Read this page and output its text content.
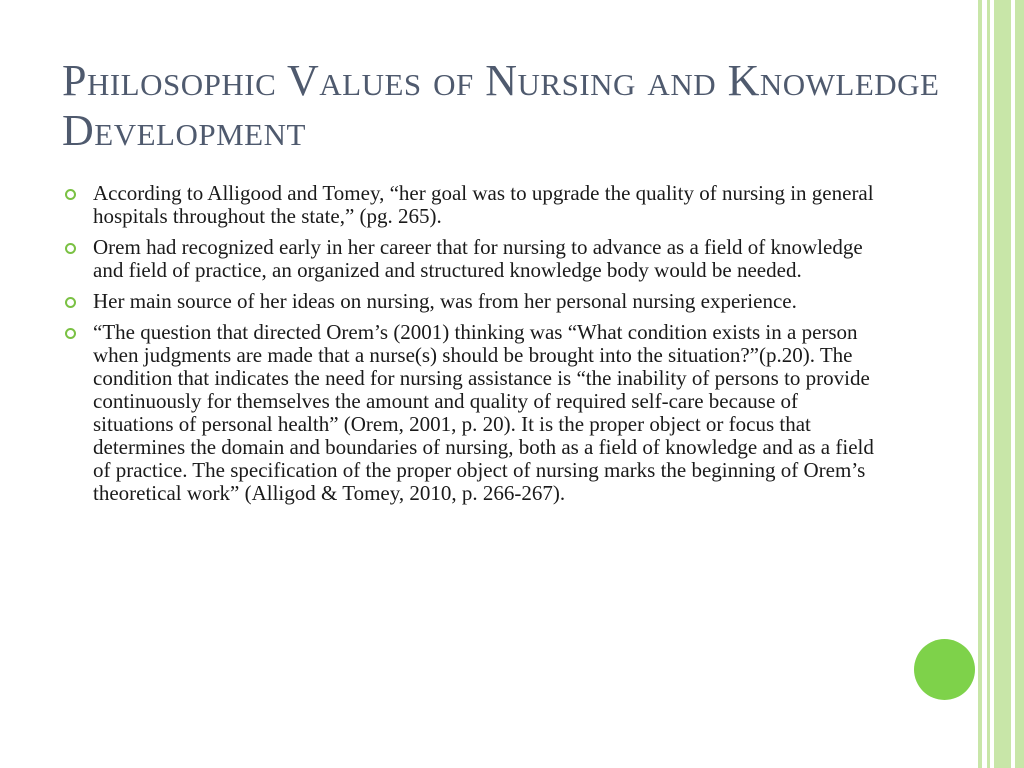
Philosophic Values of Nursing and Knowledge Development
According to Alligood and Tomey, “her goal was to upgrade the quality of nursing in general hospitals throughout the state,” (pg. 265).
Orem had recognized early in her career that for nursing to advance as a field of knowledge and field of practice, an organized and structured knowledge body would be needed.
Her main source of her ideas on nursing, was from her personal nursing experience.
“The question that directed Orem’s (2001) thinking was “What condition exists in a person when judgments are made that a nurse(s) should be brought into the situation?”(p.20). The condition that indicates the need for nursing assistance is “the inability of persons to provide continuously for themselves the amount and quality of required self-care because of situations of personal health” (Orem, 2001, p. 20). It is the proper object or focus that determines the domain and boundaries of nursing, both as a field of knowledge and as a field of practice. The specification of the proper object of nursing marks the beginning of Orem’s theoretical work” (Alligod & Tomey, 2010, p. 266-267).
